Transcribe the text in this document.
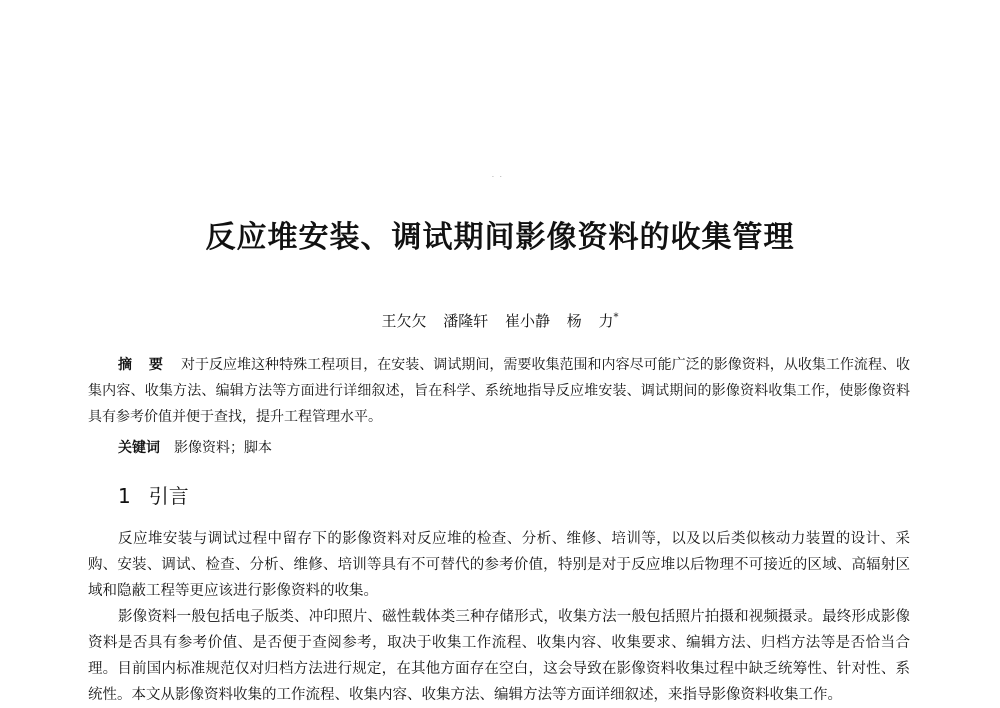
· ·
反应堆安装、调试期间影像资料的收集管理
王欠欠 潘隆轩 崔小静 杨 力*
摘 要 对于反应堆这种特殊工程项目，在安装、调试期间，需要收集范围和内容尽可能广泛的影像资料，从收集工作流程、收集内容、收集方法、编辑方法等方面进行详细叙述，旨在科学、系统地指导反应堆安装、调试期间的影像资料收集工作，使影像资料具有参考价值并便于查找，提升工程管理水平。
关键词 影像资料；脚本
1 引言

反应堆安装与调试过程中留存下的影像资料对反应堆的检查、分析、维修、培训等，以及以后类似核动力装置的设计、采购、安装、调试、检查、分析、维修、培训等具有不可替代的参考价值，特别是对于反应堆以后物理不可接近的区域、高辐射区域和隐蔽工程等更应该进行影像资料的收集。

影像资料一般包括电子版类、冲印照片、磁性载体类三种存储形式，收集方法一般包括照片拍摄和视频摄录。最终形成影像资料是否具有参考价值、是否便于查阅参考，取决于收集工作流程、收集内容、收集要求、编辑方法、归档方法等是否恰当合理。目前国内标准规范仅对归档方法进行规定，在其他方面存在空白，这会导致在影像资料收集过程中缺乏统筹性、针对性、系统性。本文从影像资料收集的工作流程、收集内容、收集方法、编辑方法等方面详细叙述，来指导影像资料收集工作。
